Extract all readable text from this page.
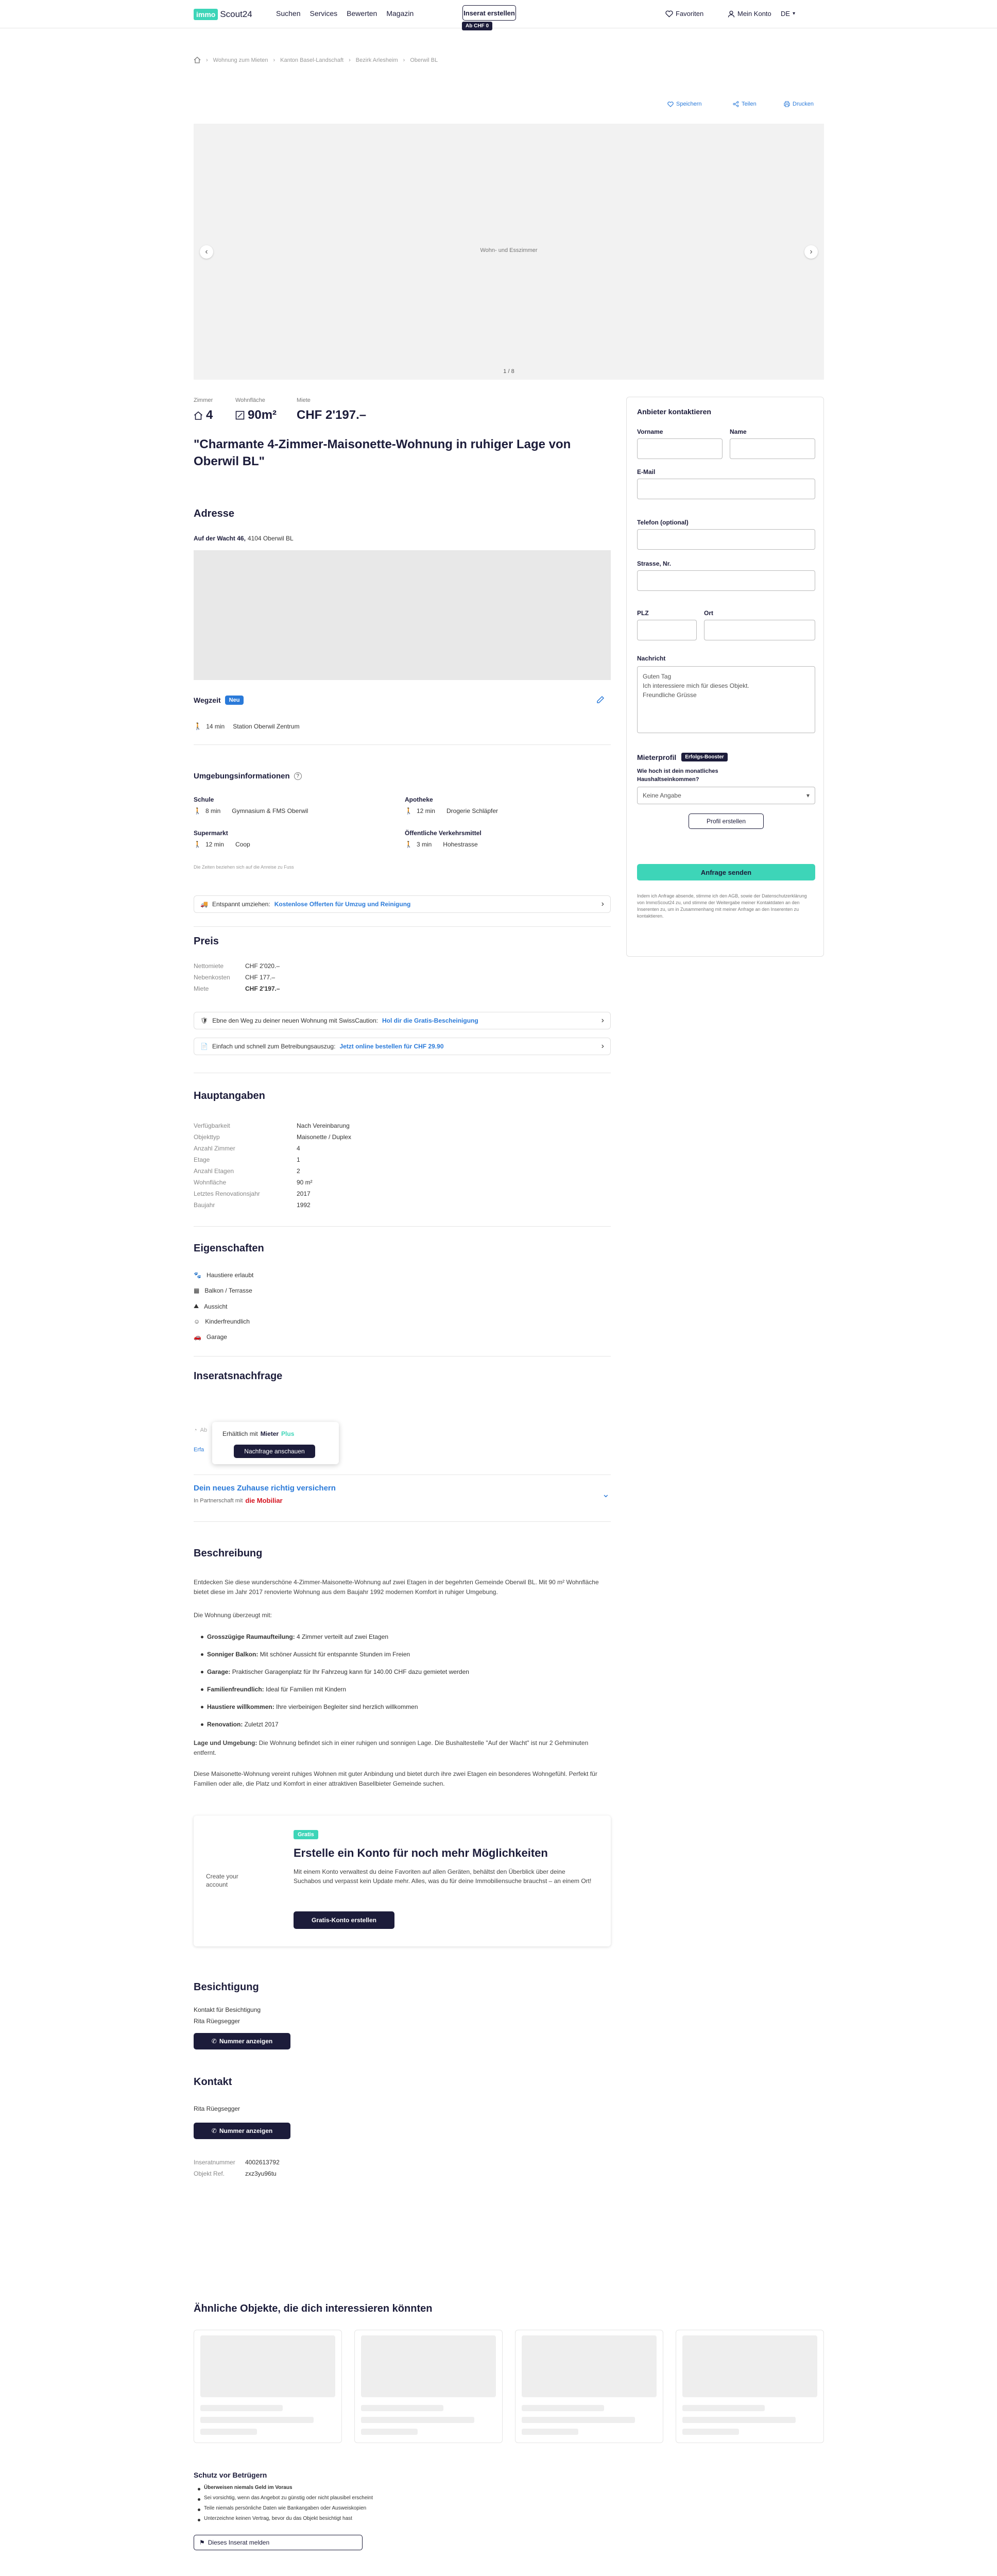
immo Scout24	Suchen Services Bewerten Magazin	Inserat erstellen
Ab CHF 0
Favoriten	Mein Konto DE ▾
› Wohnung zum Mieten › Kanton Basel-Landschaft › Bezirk Arlesheim › Oberwil BL
Speichern	Teilen	Drucken
Wohn- und Esszimmer
‹	›
1 / 8
Zimmer	Wohnfläche	Miete
4	90m² CHF 2'197.–
"Charmante 4-Zimmer-Maisonette-Wohnung in ruhiger Lage von Oberwil BL"
Adresse
Auf der Wacht 46, 4104 Oberwil BL
Wegzeit	Neu
🚶 14 min Station Oberwil Zentrum
Umgebungsinformationen	?
Schule
🚶 8 min Gymnasium & FMS Oberwil
Apotheke
🚶 12 min Drogerie Schläpfer
Supermarkt
🚶 12 min Coop
Öffentliche Verkehrsmittel
🚶 3 min Hohestrasse
Die Zeiten beziehen sich auf die Anreise zu Fuss
🚚 Entspannt umziehen: Kostenlose Offerten für Umzug und Reinigung	›
Preis
Nettomiete	CHF 2'020.–
Nebenkosten	CHF 177.–
Miete	CHF 2'197.–
🛡 Ebne den Weg zu deiner neuen Wohnung mit SwissCaution: Hol dir die Gratis-Bescheinigung	›
📄 Einfach und schnell zum Betreibungsauszug: Jetzt online bestellen für CHF 29.90	›
Hauptangaben
Verfügbarkeit	Nach Vereinbarung
Objekttyp	Maisonette / Duplex
Anzahl Zimmer	4
Etage	1
Anzahl Etagen	2
Wohnfläche	90 m²
Letztes Renovationsjahr	2017
Baujahr	1992
Eigenschaften
🐾 Haustiere erlaubt
▦ Balkon / Terrasse
⛰ Aussicht
☺ Kinderfreundlich
🚗 Garage
Inseratsnachfrage
◔ Ab
Erfa
Erhältlich mit Mieter Plus
Nachfrage anschauen
Dein neues Zuhause richtig versichern
In Partnerschaft mit die Mobiliar
⌄
Beschreibung
Entdecken Sie diese wunderschöne 4-Zimmer-Maisonette-Wohnung auf zwei Etagen in der begehrten Gemeinde Oberwil BL. Mit 90 m² Wohnfläche bietet diese im Jahr 2017 renovierte Wohnung aus dem Baujahr 1992 modernen Komfort in ruhiger Umgebung.
Die Wohnung überzeugt mit:
Grosszügige Raumaufteilung: 4 Zimmer verteilt auf zwei Etagen
Sonniger Balkon: Mit schöner Aussicht für entspannte Stunden im Freien
Garage: Praktischer Garagenplatz für Ihr Fahrzeug kann für 140.00 CHF dazu gemietet werden
Familienfreundlich: Ideal für Familien mit Kindern
Haustiere willkommen: Ihre vierbeinigen Begleiter sind herzlich willkommen
Renovation: Zuletzt 2017
Lage und Umgebung: Die Wohnung befindet sich in einer ruhigen und sonnigen Lage. Die Bushaltestelle "Auf der Wacht" ist nur 2 Gehminuten entfernt.
Diese Maisonette-Wohnung vereint ruhiges Wohnen mit guter Anbindung und bietet durch ihre zwei Etagen ein besonderes Wohngefühl. Perfekt für Familien oder alle, die Platz und Komfort in einer attraktiven Basellbieter Gemeinde suchen.
Create your account
Gratis
Erstelle ein Konto für noch mehr Möglichkeiten
Mit einem Konto verwaltest du deine Favoriten auf allen Geräten, behältst den Überblick über deine Suchabos und verpasst kein Update mehr. Alles, was du für deine Immobiliensuche brauchst – an einem Ort!
Gratis-Konto erstellen
Besichtigung
Kontakt für Besichtigung
Rita Rüegsegger
✆ Nummer anzeigen
Kontakt
Rita Rüegsegger
✆ Nummer anzeigen
Inseratnummer	4002613792
Objekt Ref.	zxz3yu96tu
Ähnliche Objekte, die dich interessieren könnten
Schutz vor Betrügern
Überweisen niemals Geld im Voraus
Sei vorsichtig, wenn das Angebot zu günstig oder nicht plausibel erscheint
Teile niemals persönliche Daten wie Bankangaben oder Ausweiskopien
Unterzeichne keinen Vertrag, bevor du das Objekt besichtigt hast
⚑ Dieses Inserat melden
Anbieter kontaktieren
Vorname	Name
E-Mail
Telefon (optional)
Strasse, Nr.
PLZ	Ort
Nachricht
Guten Tag
Ich interessiere mich für dieses Objekt.
Freundliche Grüsse
Mieterprofil	Erfolgs-Booster
Wie hoch ist dein monatliches Haushaltseinkommen?
Keine Angabe	▾
Profil erstellen
Anfrage senden
Indem ich Anfrage absende, stimme ich den AGB, sowie der Datenschutzerklärung von ImmoScout24 zu, und stimme der Weitergabe meiner Kontaktdaten an den Inserenten zu, um in Zusammenhang mit meiner Anfrage an den Inserenten zu kontaktieren.
